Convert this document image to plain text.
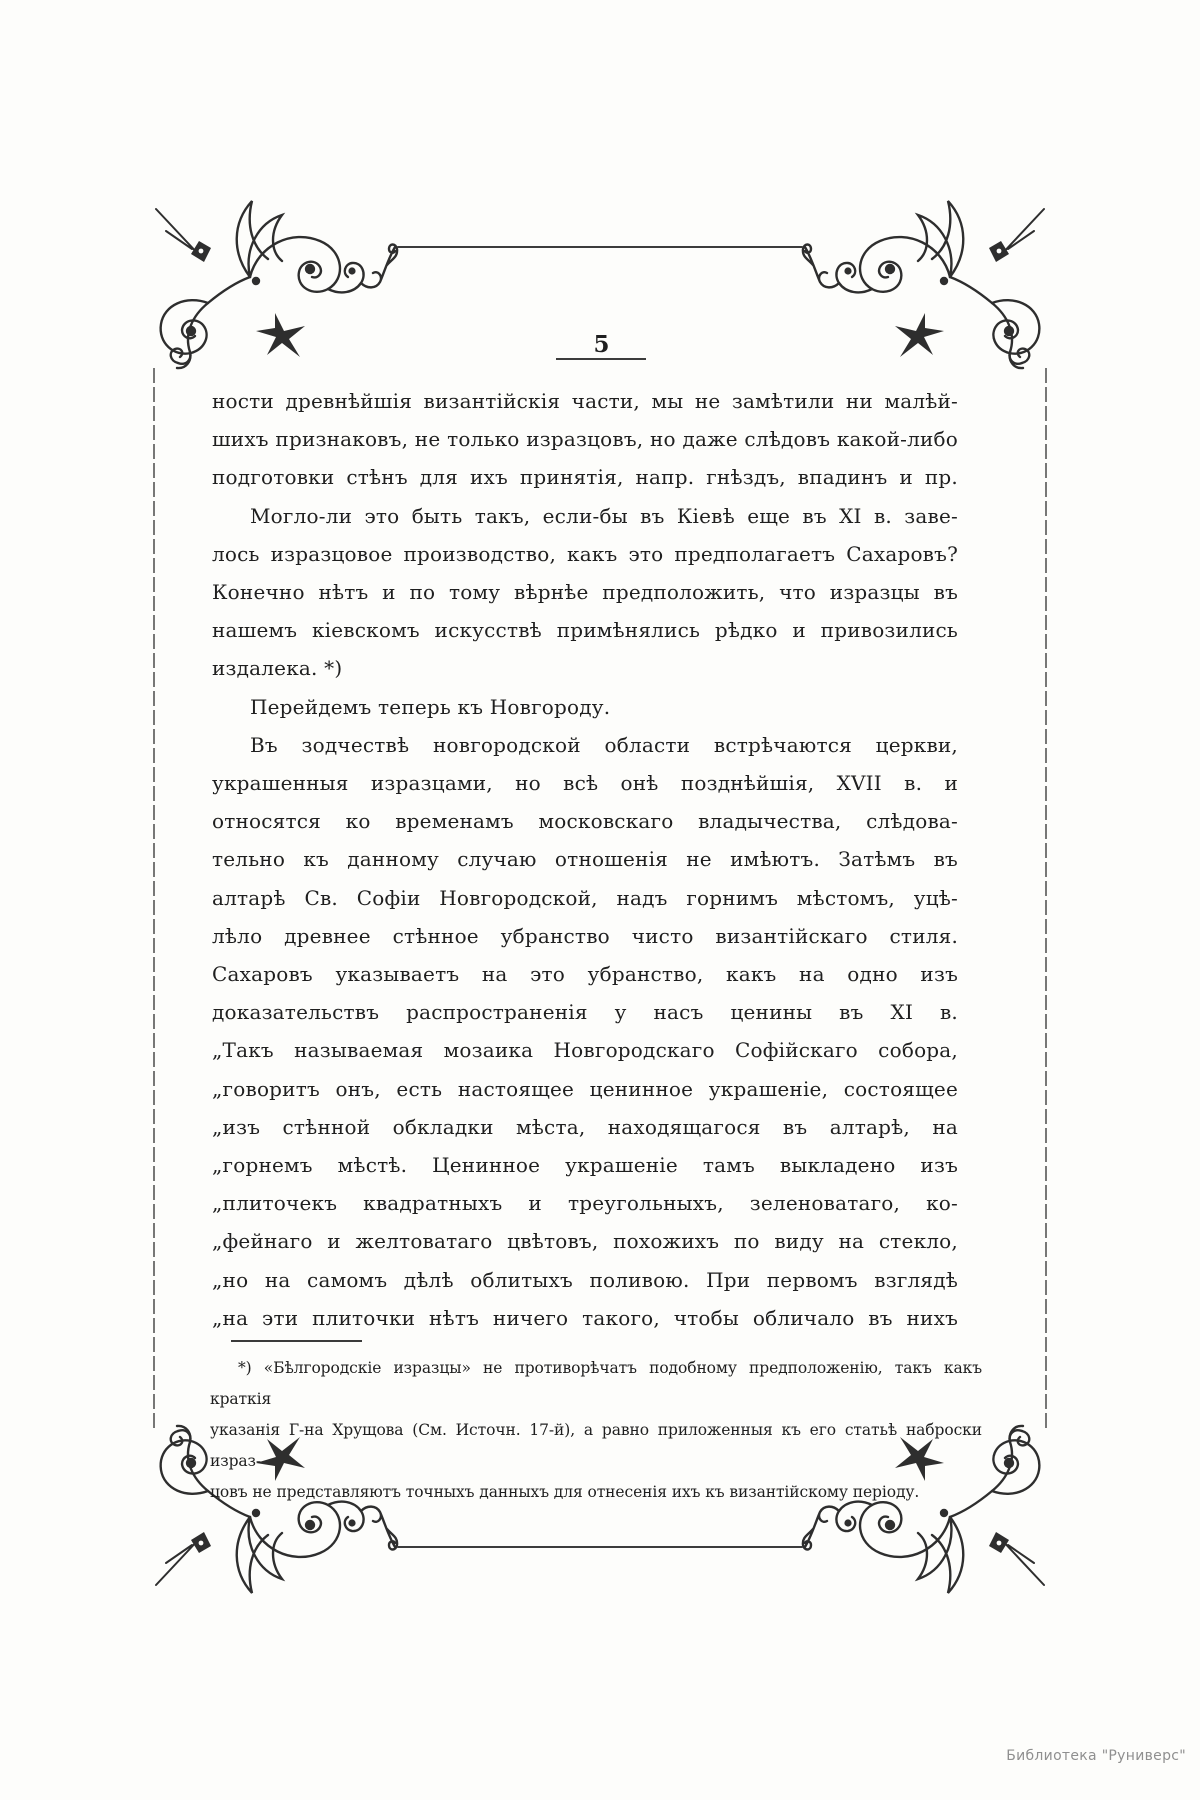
5
ности древнѣйшія византійскія части, мы не замѣтили ни малѣй-
шихъ признаковъ, не только изразцовъ, но даже слѣдовъ какой-либо
подготовки стѣнъ для ихъ принятія, напр. гнѣздъ, впадинъ и пр.
Могло-ли это быть такъ, если-бы въ Кіевѣ еще въ XI в. заве-
лось изразцовое производство, какъ это предполагаетъ Сахаровъ?
Конечно нѣтъ и по тому вѣрнѣе предположить, что изразцы въ
нашемъ кіевскомъ искусствѣ примѣнялись рѣдко и привозились
издалека. *)
Перейдемъ теперь къ Новгороду.
Въ зодчествѣ новгородской области встрѣчаются церкви,
украшенныя изразцами, но всѣ онѣ позднѣйшія, XVII в. и
относятся ко временамъ московскаго владычества, слѣдова-
тельно къ данному случаю отношенія не имѣютъ. Затѣмъ въ
алтарѣ Св. Софіи Новгородской, надъ горнимъ мѣстомъ, уцѣ-
лѣло древнее стѣнное убранство чисто византійскаго стиля.
Сахаровъ указываетъ на это убранство, какъ на одно изъ
доказательствъ распространенія у насъ ценины въ XI в.
„Такъ называемая мозаика Новгородскаго Софійскаго собора,
„говоритъ онъ, есть настоящее ценинное украшеніе, состоящее
„изъ стѣнной обкладки мѣста, находящагося въ алтарѣ, на
„горнемъ мѣстѣ. Ценинное украшеніе тамъ выкладено изъ
„плиточекъ квадратныхъ и треугольныхъ, зеленоватаго, ко-
„фейнаго и желтоватаго цвѣтовъ, похожихъ по виду на стекло,
„но на самомъ дѣлѣ облитыхъ поливою. При первомъ взглядѣ
„на эти плиточки нѣтъ ничего такого, чтобы обличало въ нихъ
*) «Бѣлгородскіе изразцы» не противорѣчатъ подобному предположенію, такъ какъ краткія
указанія Г-на Хрущова (См. Источн. 17-й), а равно приложенныя къ его статьѣ наброски израз-
цовъ не представляютъ точныхъ данныхъ для отнесенія ихъ къ византійскому періоду.
Библиотека "Руниверс"
